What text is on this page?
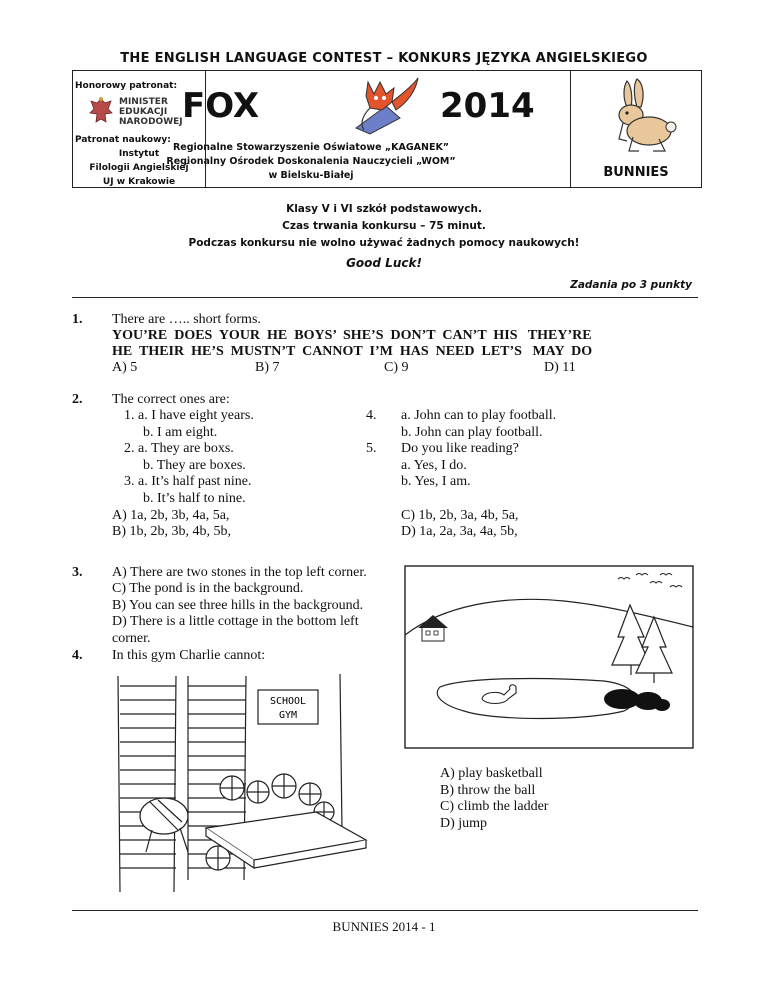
THE ENGLISH LANGUAGE CONTEST – KONKURS JĘZYKA ANGIELSKIEGO
Honorowy patronat:
MINISTER
EDUKACJI
NARODOWEJ
Patronat naukowy:
Instytut
Filologii Angielskiej
UJ w Krakowie
BUNNIES
FOX	2014
Regionalne Stowarzyszenie Oświatowe „KAGANEK”
Regionalny Ośrodek Doskonalenia Nauczycieli „WOM”
w Bielsku-Białej
Klasy V i VI szkół podstawowych.
Czas trwania konkursu – 75 minut.
Podczas konkursu nie wolno używać żadnych pomocy naukowych!
Good Luck!
Zadania po 3 punkty
1. There are ….. short forms.
YOU’RE  DOES  YOUR  HE  BOYS’  SHE’S  DON’T  CAN’T  HIS   THEY’RE
HE  THEIR  HE’S  MUSTN’T  CANNOT  I’M  HAS  NEED  LET’S   MAY  DO
A) 5	B) 7	C) 9	D) 11
2. The correct ones are:
1. a. I have eight years.
b. I am eight.
2. a. They are boxs.
b. They are boxes.
3. a. It’s half past nine.
b. It’s half to nine.
4.
5.
a. John can to play football.
b. John can play football.
Do you like reading?
a. Yes, I do.
b. Yes, I am.
A) 1a, 2b, 3b, 4a, 5a,
B) 1b, 2b, 3b, 4b, 5b,
C) 1b, 2b, 3a, 4b, 5a,
D) 1a, 2a, 3a, 4a, 5b,
3. A) There are two stones in the top left corner.
C) The pond is in the background.
B) You can see three hills in the background.
D) There is a little cottage in the bottom left
corner.
4. In this gym Charlie cannot:
SCHOOL
GYM
A) play basketball
B) throw the ball
C) climb the ladder
D) jump
BUNNIES 2014 - 1
